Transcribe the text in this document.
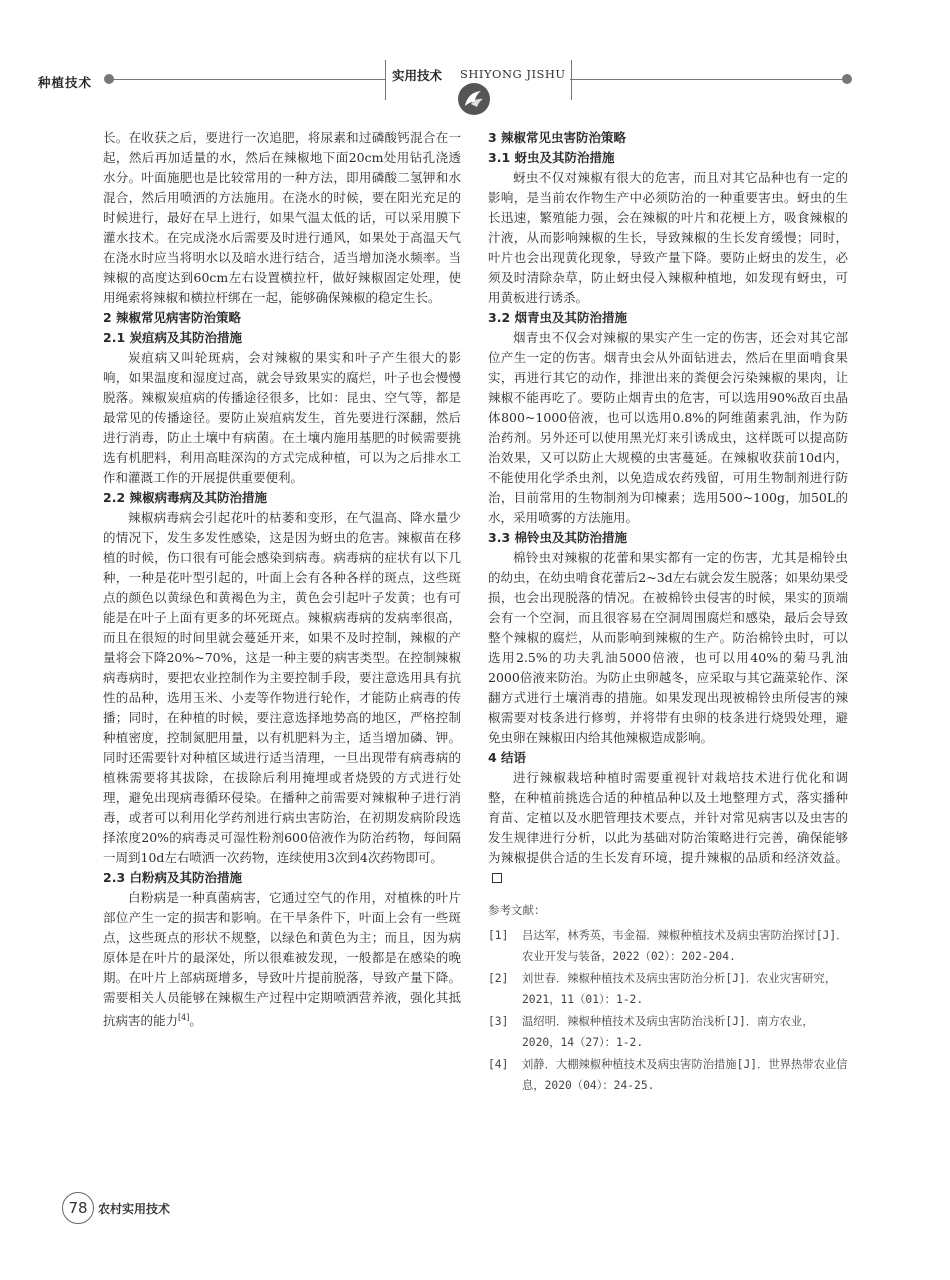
种植技术	实用技术 SHIYONG JISHU

长。在收获之后，要进行一次追肥，将尿素和过磷酸钙混合在一起，然后再加适量的水，然后在辣椒地下面20cm处用钻孔浇透水分。叶面施肥也是比较常用的一种方法，即用磷酸二氢钾和水混合，然后用喷洒的方法施用。在浇水的时候，要在阳光充足的时候进行，最好在早上进行，如果气温太低的话，可以采用膜下灌水技术。在完成浇水后需要及时进行通风，如果处于高温天气在浇水时应当将明水以及暗水进行结合，适当增加浇水频率。当辣椒的高度达到60cm左右设置横拉杆，做好辣椒固定处理，使用绳索将辣椒和横拉杆绑在一起，能够确保辣椒的稳定生长。

2 辣椒常见病害防治策略
2.1 炭疽病及其防治措施

炭疽病又叫轮斑病，会对辣椒的果实和叶子产生很大的影响，如果温度和湿度过高，就会导致果实的腐烂，叶子也会慢慢脱落。辣椒炭疽病的传播途径很多，比如：昆虫、空气等，都是最常见的传播途径。要防止炭疽病发生，首先要进行深翻，然后进行消毒，防止土壤中有病菌。在土壤内施用基肥的时候需要挑选有机肥料，利用高畦深沟的方式完成种植，可以为之后排水工作和灌溉工作的开展提供重要便利。

2.2 辣椒病毒病及其防治措施

辣椒病毒病会引起花叶的枯萎和变形，在气温高、降水量少的情况下，发生多发性感染，这是因为蚜虫的危害。辣椒苗在移植的时候，伤口很有可能会感染到病毒。病毒病的症状有以下几种，一种是花叶型引起的，叶面上会有各种各样的斑点，这些斑点的颜色以黄绿色和黄褐色为主，黄色会引起叶子发黄；也有可能是在叶子上面有更多的坏死斑点。辣椒病毒病的发病率很高，而且在很短的时间里就会蔓延开来，如果不及时控制，辣椒的产量将会下降20%~70%，这是一种主要的病害类型。在控制辣椒病毒病时，要把农业控制作为主要控制手段，要注意选用具有抗性的品种，选用玉米、小麦等作物进行轮作，才能防止病毒的传播；同时，在种植的时候，要注意选择地势高的地区，严格控制种植密度，控制氮肥用量，以有机肥料为主，适当增加磷、钾。同时还需要针对种植区域进行适当清理，一旦出现带有病毒病的植株需要将其拔除，在拔除后利用掩埋或者烧毁的方式进行处理，避免出现病毒循环侵染。在播种之前需要对辣椒种子进行消毒，或者可以利用化学药剂进行病虫害防治，在初期发病阶段选择浓度20%的病毒灵可湿性粉剂600倍液作为防治药物，每间隔一周到10d左右喷洒一次药物，连续使用3次到4次药物即可。

2.3 白粉病及其防治措施

白粉病是一种真菌病害，它通过空气的作用，对植株的叶片部位产生一定的损害和影响。在干旱条件下，叶面上会有一些斑点，这些斑点的形状不规整，以绿色和黄色为主；而且，因为病原体是在叶片的最深处，所以很难被发现，一般都是在感染的晚期。在叶片上部病斑增多，导致叶片提前脱落，导致产量下降。需要相关人员能够在辣椒生产过程中定期喷洒营养液，强化其抵抗病害的能力[4]。

3 辣椒常见虫害防治策略
3.1 蚜虫及其防治措施

蚜虫不仅对辣椒有很大的危害，而且对其它品种也有一定的影响，是当前农作物生产中必须防治的一种重要害虫。蚜虫的生长迅速，繁殖能力强，会在辣椒的叶片和花梗上方，吸食辣椒的汁液，从而影响辣椒的生长，导致辣椒的生长发育缓慢；同时，叶片也会出现黄化现象，导致产量下降。要防止蚜虫的发生，必须及时清除杂草，防止蚜虫侵入辣椒种植地，如发现有蚜虫，可用黄板进行诱杀。

3.2 烟青虫及其防治措施

烟青虫不仅会对辣椒的果实产生一定的伤害，还会对其它部位产生一定的伤害。烟青虫会从外面钻进去，然后在里面啃食果实，再进行其它的动作，排泄出来的粪便会污染辣椒的果肉，让辣椒不能再吃了。要防止烟青虫的危害，可以选用90%敌百虫晶体800~1000倍液，也可以选用0.8%的阿维菌素乳油，作为防治药剂。另外还可以使用黑光灯来引诱成虫，这样既可以提高防治效果，又可以防止大规模的虫害蔓延。在辣椒收获前10d内，不能使用化学杀虫剂，以免造成农药残留，可用生物制剂进行防治，目前常用的生物制剂为印楝素；选用500~100g，加50L的水，采用喷雾的方法施用。

3.3 棉铃虫及其防治措施

棉铃虫对辣椒的花蕾和果实都有一定的伤害，尤其是棉铃虫的幼虫，在幼虫啃食花蕾后2~3d左右就会发生脱落；如果幼果受损，也会出现脱落的情况。在被棉铃虫侵害的时候，果实的顶端会有一个空洞，而且很容易在空洞周围腐烂和感染，最后会导致整个辣椒的腐烂，从而影响到辣椒的生产。防治棉铃虫时，可以选用2.5%的功夫乳油5000倍液，也可以用40%的菊马乳油2000倍液来防治。为防止虫卵越冬，应采取与其它蔬菜轮作、深翻方式进行土壤消毒的措施。如果发现出现被棉铃虫所侵害的辣椒需要对枝条进行修剪，并将带有虫卵的枝条进行烧毁处理，避免虫卵在辣椒田内给其他辣椒造成影响。

4 结语

进行辣椒栽培种植时需要重视针对栽培技术进行优化和调整，在种植前挑选合适的种植品种以及土地整理方式，落实播种育苗、定植以及水肥管理技术要点，并针对常见病害以及虫害的发生规律进行分析，以此为基础对防治策略进行完善，确保能够为辣椒提供合适的生长发育环境，提升辣椒的品质和经济效益。

参考文献：
[1]	吕达军，林秀英，韦金福．辣椒种植技术及病虫害防治探讨[J]．农业开发与装备，2022（02）：202-204.
[2]	刘世春．辣椒种植技术及病虫害防治分析[J]．农业灾害研究，2021，11（01）：1-2.
[3]	温绍明．辣椒种植技术及病虫害防治浅析[J]．南方农业，2020，14（27）：1-2.
[4]	刘静．大棚辣椒种植技术及病虫害防治措施[J]．世界热带农业信息，2020（04）：24-25.
78 农村实用技术
